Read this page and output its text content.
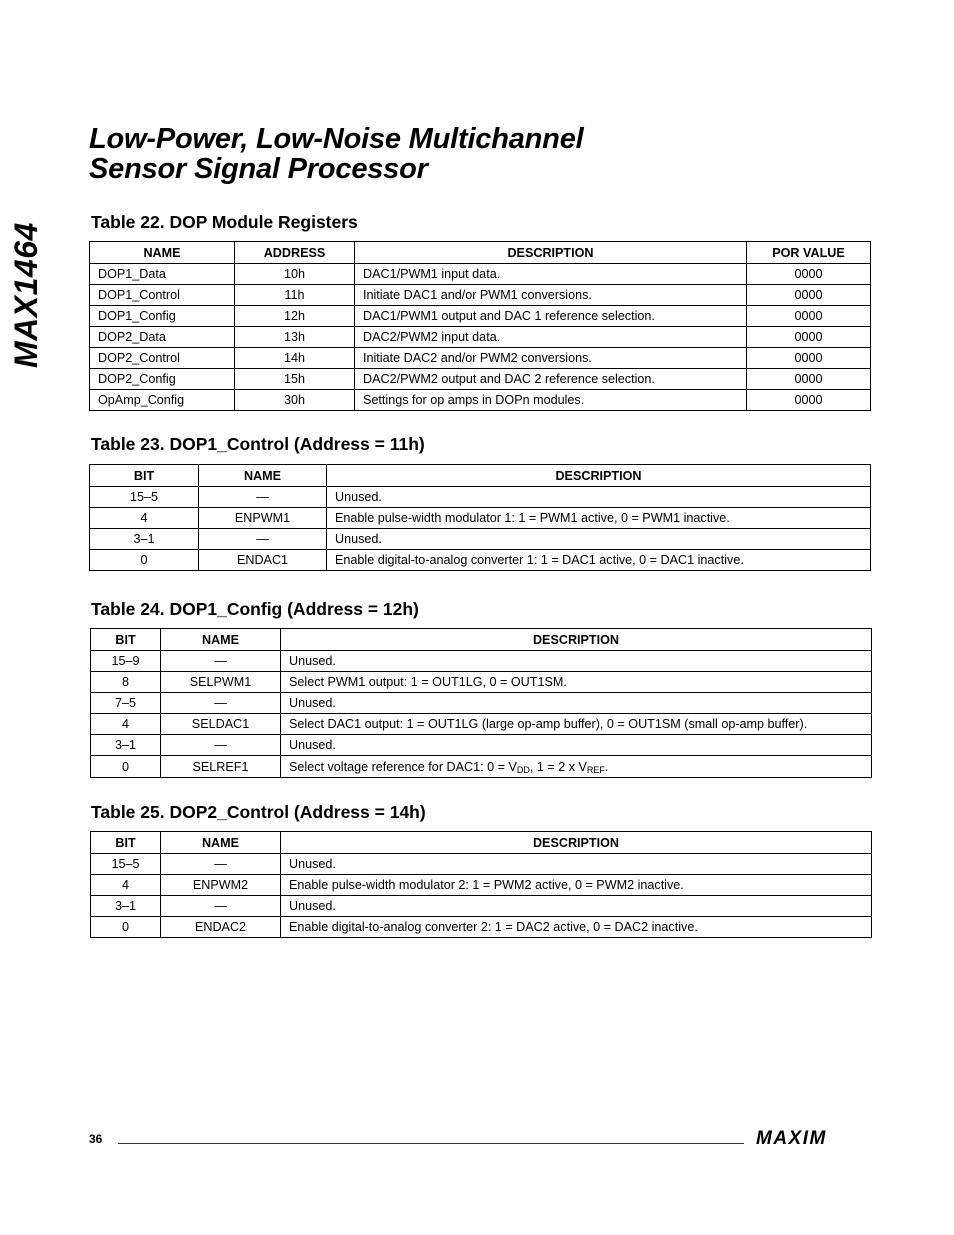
Low-Power, Low-Noise Multichannel
Sensor Signal Processor
MAX1464
Table 22. DOP Module Registers
NAME	ADDRESS	DESCRIPTION	POR VALUE
DOP1_Data	10h	DAC1/PWM1 input data.	0000
DOP1_Control	11h	Initiate DAC1 and/or PWM1 conversions.	0000
DOP1_Config	12h	DAC1/PWM1 output and DAC 1 reference selection.	0000
DOP2_Data	13h	DAC2/PWM2 input data.	0000
DOP2_Control	14h	Initiate DAC2 and/or PWM2 conversions.	0000
DOP2_Config	15h	DAC2/PWM2 output and DAC 2 reference selection.	0000
OpAmp_Config	30h	Settings for op amps in DOPn modules.	0000
Table 23. DOP1_Control (Address = 11h)
BIT	NAME	DESCRIPTION
15–5	—	Unused.
4	ENPWM1	Enable pulse-width modulator 1: 1 = PWM1 active, 0 = PWM1 inactive.
3–1	—	Unused.
0	ENDAC1	Enable digital-to-analog converter 1: 1 = DAC1 active, 0 = DAC1 inactive.
Table 24. DOP1_Config (Address = 12h)
BIT	NAME	DESCRIPTION
15–9	—	Unused.
8	SELPWM1	Select PWM1 output: 1 = OUT1LG, 0 = OUT1SM.
7–5	—	Unused.
4	SELDAC1	Select DAC1 output: 1 = OUT1LG (large op-amp buffer), 0 = OUT1SM (small op-amp buffer).
3–1	—	Unused.
0	SELREF1	Select voltage reference for DAC1: $0 = V_{DD}$, 1 = 2 x $V_{REF}$.
Table 25. DOP2_Control (Address = 14h)
BIT	NAME	DESCRIPTION
15–5	—	Unused.
4	ENPWM2	Enable pulse-width modulator 2: 1 = PWM2 active, 0 = PWM2 inactive.
3–1	—	Unused.
0	ENDAC2	Enable digital-to-analog converter 2: 1 = DAC2 active, 0 = DAC2 inactive.
36	MAXIM
